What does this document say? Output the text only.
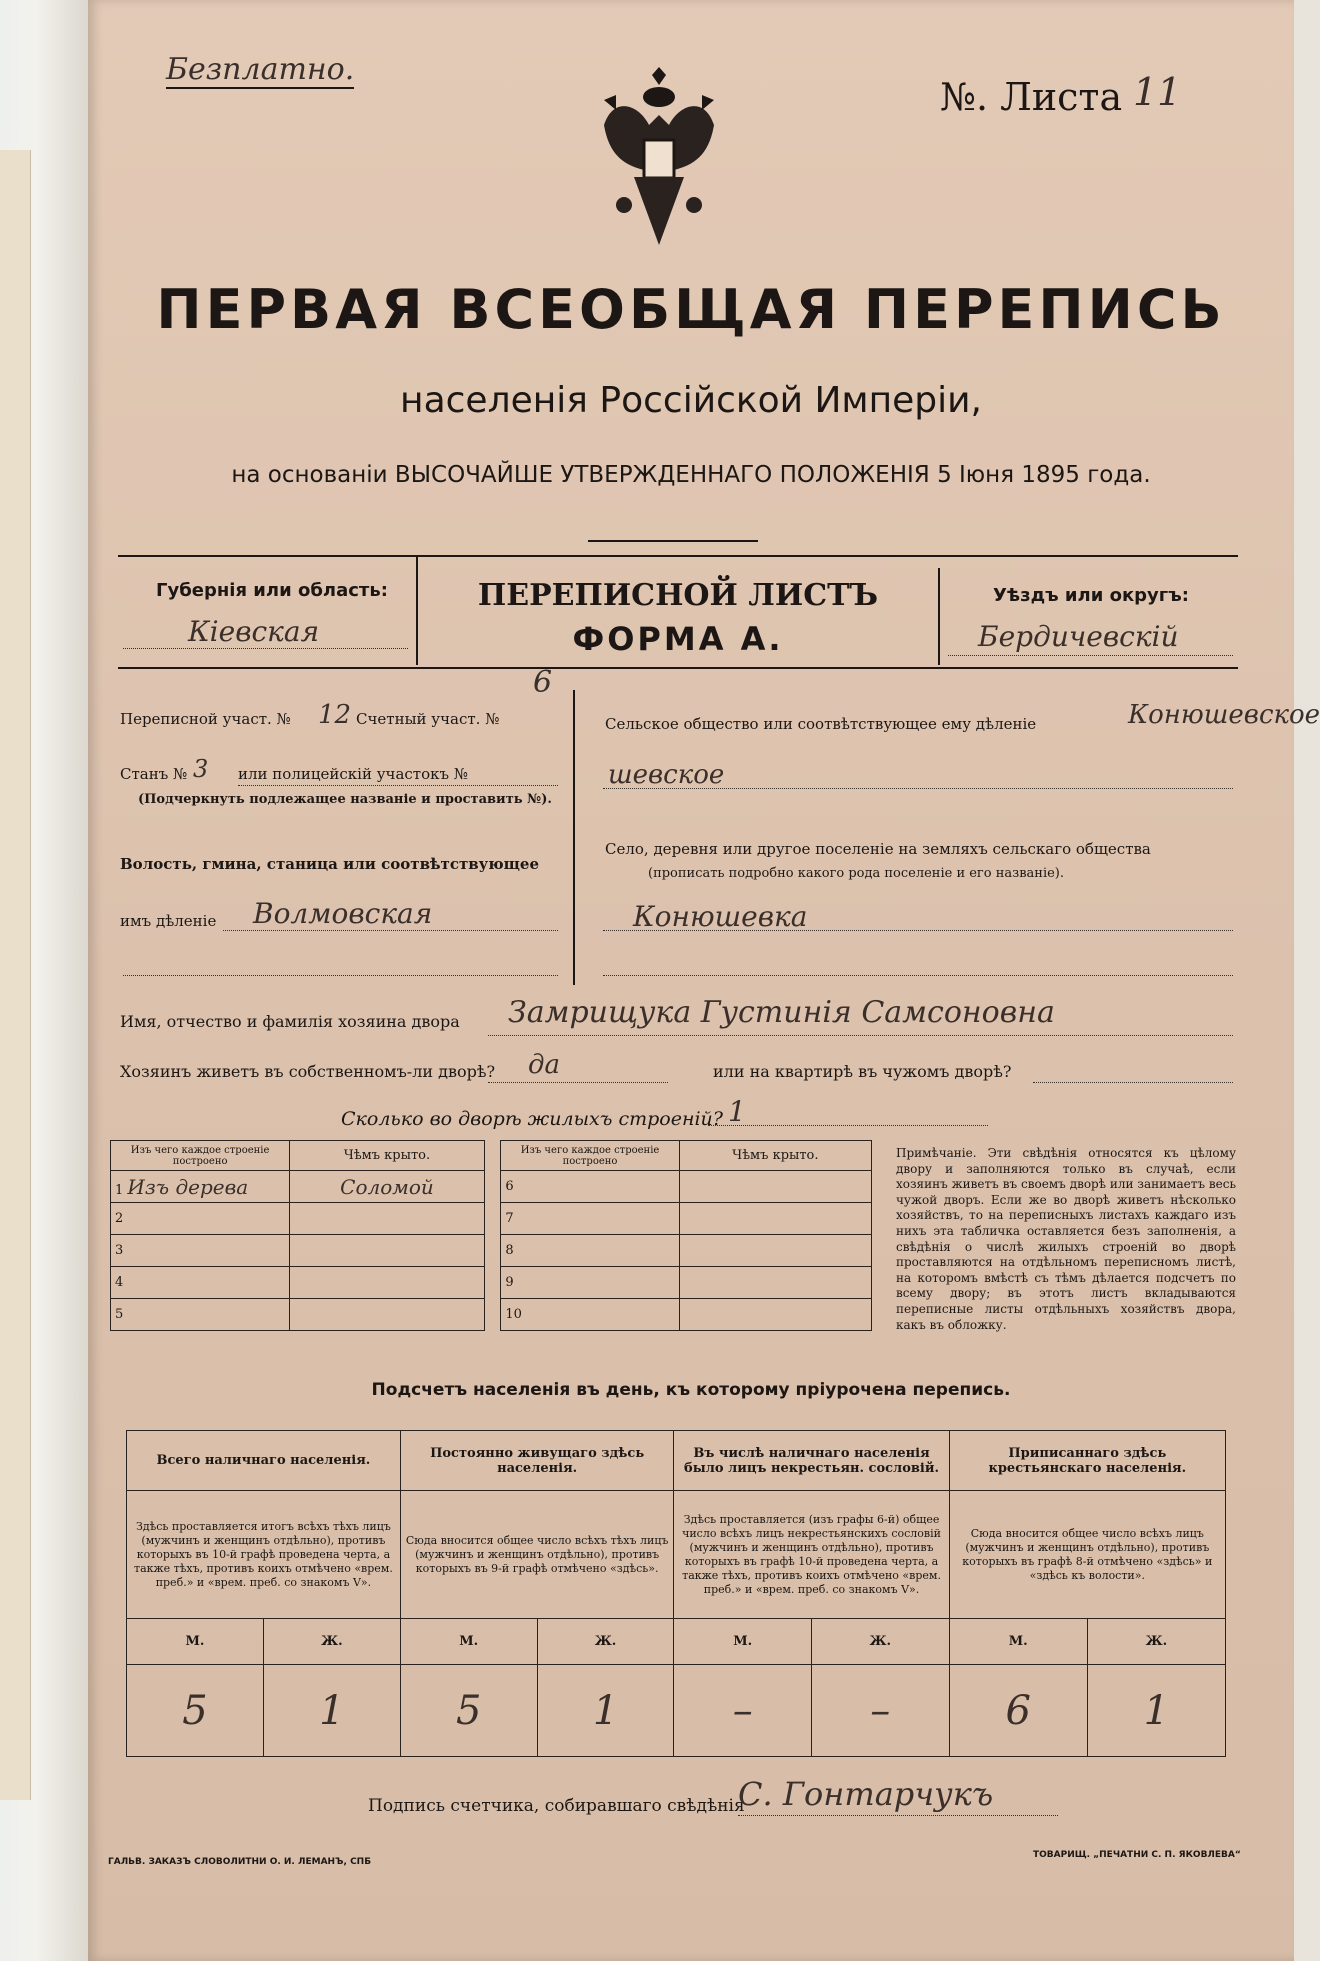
Безплатно.
№. Листа 11
ПЕРВАЯ ВСЕОБЩАЯ ПЕРЕПИСЬ
населенія Россійской Имперіи,
на основаніи ВЫСОЧАЙШЕ УТВЕРЖДЕННАГО ПОЛОЖЕНІЯ 5 Іюня 1895 года.
Губернія или область:
Кіевская
ПЕРЕПИСНОЙ ЛИСТЪ
ФОРМА А.
Уѣздъ или округъ:
Бердичевскій
Переписной участ. № 12 Счетный участ. №
6
Станъ № 3 или полицейскій участокъ №
(Подчеркнуть подлежащее названіе и проставить №).
Волость, гмина, станица или соотвѣтствующее
имъ дѣленіе Волмовская
Сельское общество или соотвѣтствующее ему дѣленіе	Конюшевское
шевское
Село, деревня или другое поселеніе на земляхъ сельскаго общества
(прописать подробно какого рода поселеніе и его названіе).
Конюшевка
Имя, отчество и фамилія хозяина двора Замрищука Густинія Самсоновна
Хозяинъ живетъ въ собственномъ-ли дворѣ? да	или на квартирѣ въ чужомъ дворѣ?
Сколько во дворѣ жилыхъ строеній? 1
Изъ чего каждое строеніе построено	Чѣмъ крыто.		Изъ чего каждое строеніе построено	Чѣмъ крыто.
1 Изъ дерева	Соломой		6	
2			7	
3			8	
4			9	
5			10	
Примѣчаніе. Эти свѣдѣнія относятся къ цѣлому двору и заполняются только въ случаѣ, если хозяинъ живетъ въ своемъ дворѣ или занимаетъ весь чужой дворъ. Если же во дворѣ живетъ нѣсколько хозяйствъ, то на переписныхъ листахъ каждаго изъ нихъ эта табличка оставляется безъ заполненія, а свѣдѣнія о числѣ жилыхъ строеній во дворѣ проставляются на отдѣльномъ переписномъ листѣ, на которомъ вмѣстѣ съ тѣмъ дѣлается подсчетъ по всему двору; въ этотъ листъ вкладываются переписные листы отдѣльныхъ хозяйствъ двора, какъ въ обложку.
Подсчетъ населенія въ день, къ которому пріурочена перепись.
Всего наличнаго населенія.		Постоянно живущаго здѣсь населенія.		Въ числѣ наличнаго населенія было лицъ некрестьян. сословій.		Приписаннаго здѣсь крестьянскаго населенія.	
Здѣсь проставляется итогъ всѣхъ тѣхъ лицъ (мужчинъ и женщинъ отдѣльно), противъ которыхъ въ 10-й графѣ проведена черта, а также тѣхъ, противъ коихъ отмѣчено «врем. преб.» и «врем. преб. со знакомъ V».		Сюда вносится общее число всѣхъ тѣхъ лицъ (мужчинъ и женщинъ отдѣльно), противъ которыхъ въ 9-й графѣ отмѣчено «здѣсь».		Здѣсь проставляется (изъ графы 6-й) общее число всѣхъ лицъ некрестьянскихъ сословій (мужчинъ и женщинъ отдѣльно), противъ которыхъ въ графѣ 10-й проведена черта, а также тѣхъ, противъ коихъ отмѣчено «врем. преб.» и «врем. преб. со знакомъ V».		Сюда вносится общее число всѣхъ лицъ (мужчинъ и женщинъ отдѣльно), противъ которыхъ въ графѣ 8-й отмѣчено «здѣсь» и «здѣсь къ волости».	
М.	Ж.	М.	Ж.	М.	Ж.	М.	Ж.
5	1	5	1	–	–	6	1
Подпись счетчика, собиравшаго свѣдѣнія
С. Гонтарчукъ
ГАЛЬВ. ЗАКАЗЪ СЛОВОЛИТНИ О. И. ЛЕМАНЪ, СПБ
ТОВАРИЩ. „ПЕЧАТНИ С. П. ЯКОВЛЕВА“
